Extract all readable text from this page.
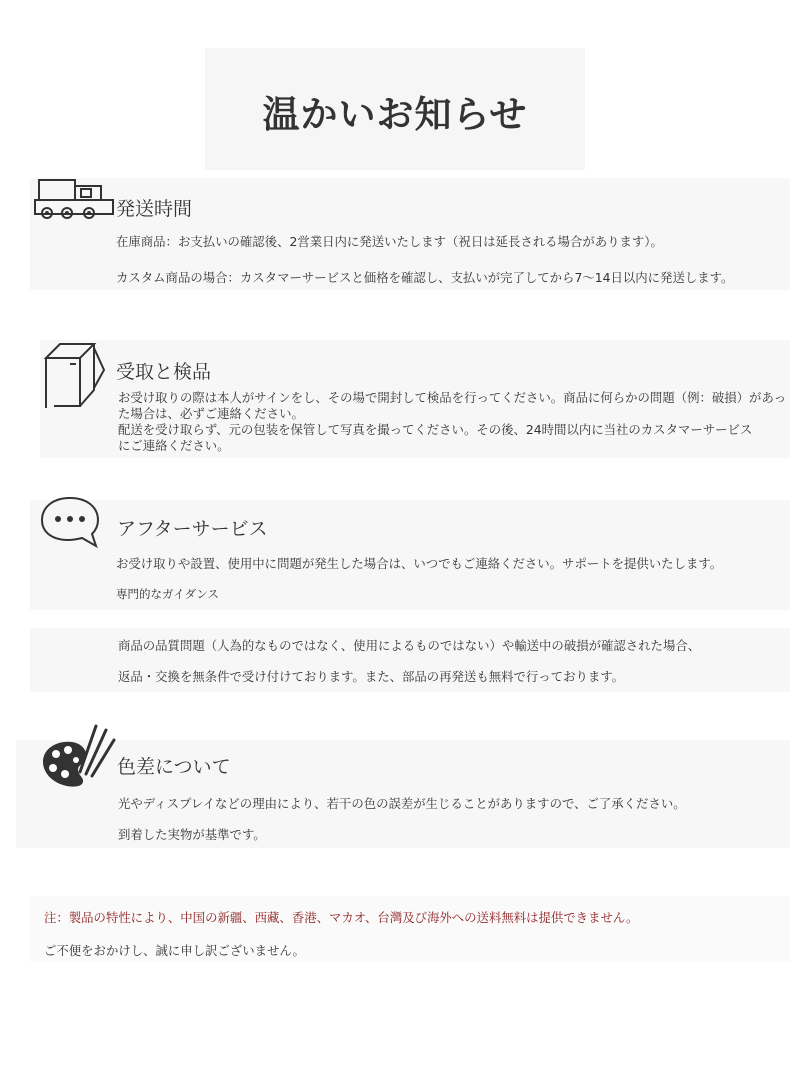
温かいお知らせ
発送時間
在庫商品：お支払いの確認後、2営業日内に発送いたします（祝日は延長される場合があります）。
カスタム商品の場合：カスタマーサービスと価格を確認し、支払いが完了してから7〜14日以内に発送します。
受取と検品
お受け取りの際は本人がサインをし、その場で開封して検品を行ってください。商品に何らかの問題（例：破損）があった場合は、必ずご連絡ください。
配送を受け取らず、元の包装を保管して写真を撮ってください。その後、24時間以内に当社のカスタマーサービスにご連絡ください。
アフターサービス
お受け取りや設置、使用中に問題が発生した場合は、いつでもご連絡ください。サポートを提供いたします。
専門的なガイダンス
商品の品質問題（人為的なものではなく、使用によるものではない）や輸送中の破損が確認された場合、
返品・交換を無条件で受け付けております。また、部品の再発送も無料で行っております。
色差について
光やディスプレイなどの理由により、若干の色の誤差が生じることがありますので、ご了承ください。
到着した実物が基準です。
注：製品の特性により、中国の新疆、西藏、香港、マカオ、台灣及び海外への送料無料は提供できません。
ご不便をおかけし、誠に申し訳ございません。
